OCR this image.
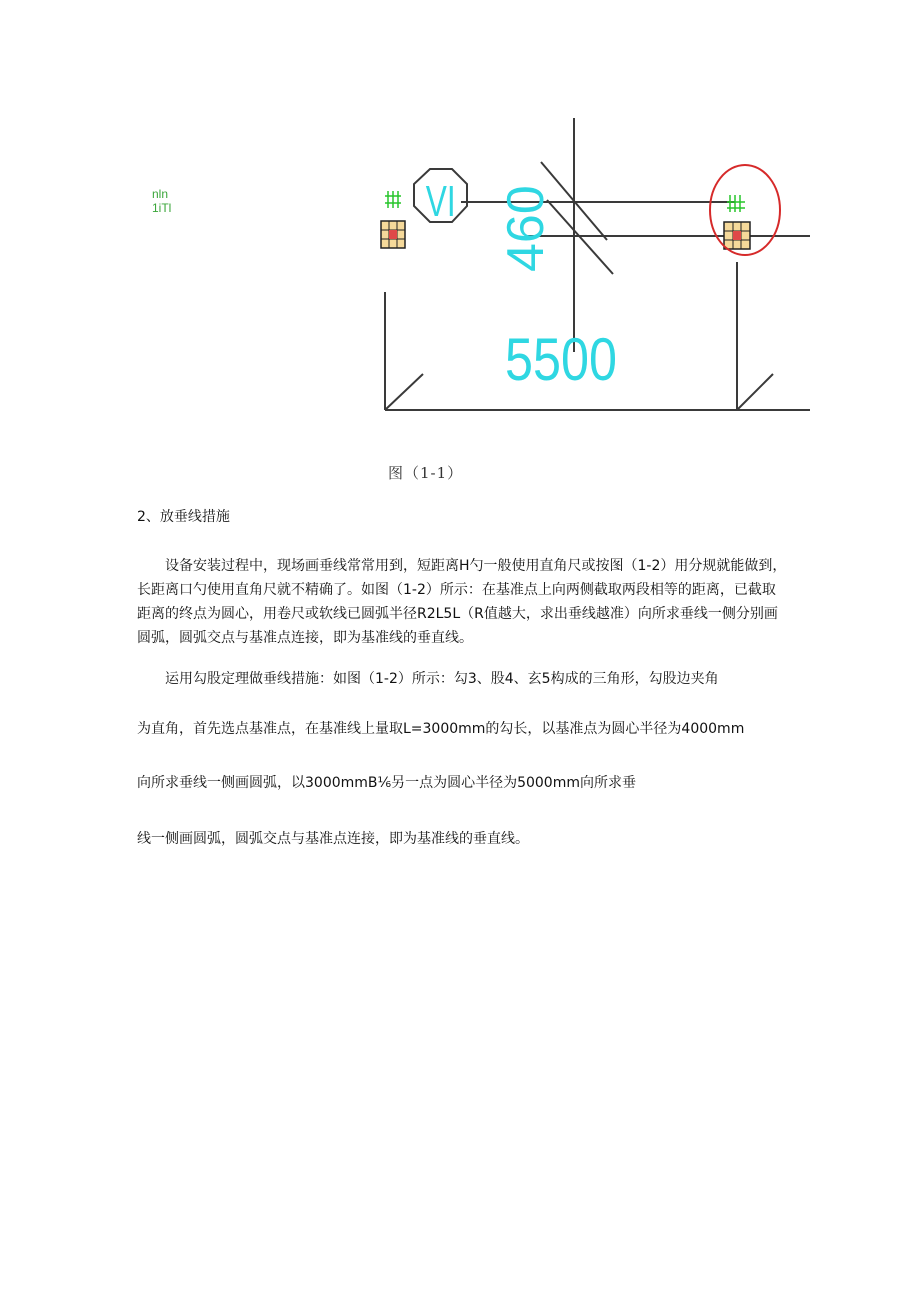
nln
1iTl	VI 460
5500
图（1-1）
2、放垂线措施
设备安装过程中，现场画垂线常常用到，短距离H勺一般使用直角尺或按图（1-2）用分规就能做到，长距离口勺使用直角尺就不精确了。如图（1-2）所示：在基准点上向两侧截取两段相等的距离，已截取距离的终点为圆心，用卷尺或软线已圆弧半径R2L5L（R值越大，求出垂线越准）向所求垂线一侧分别画圆弧，圆弧交点与基准点连接，即为基准线的垂直线。
运用勾股定理做垂线措施：如图（1-2）所示：勾3、股4、玄5构成的三角形，勾股边夹角
为直角，首先选点基准点，在基准线上量取L=3000mm的勾长，以基准点为圆心半径为4000mm
向所求垂线一侧画圆弧，以3000mmB⅙另一点为圆心半径为5000mm向所求垂
线一侧画圆弧，圆弧交点与基准点连接，即为基准线的垂直线。
